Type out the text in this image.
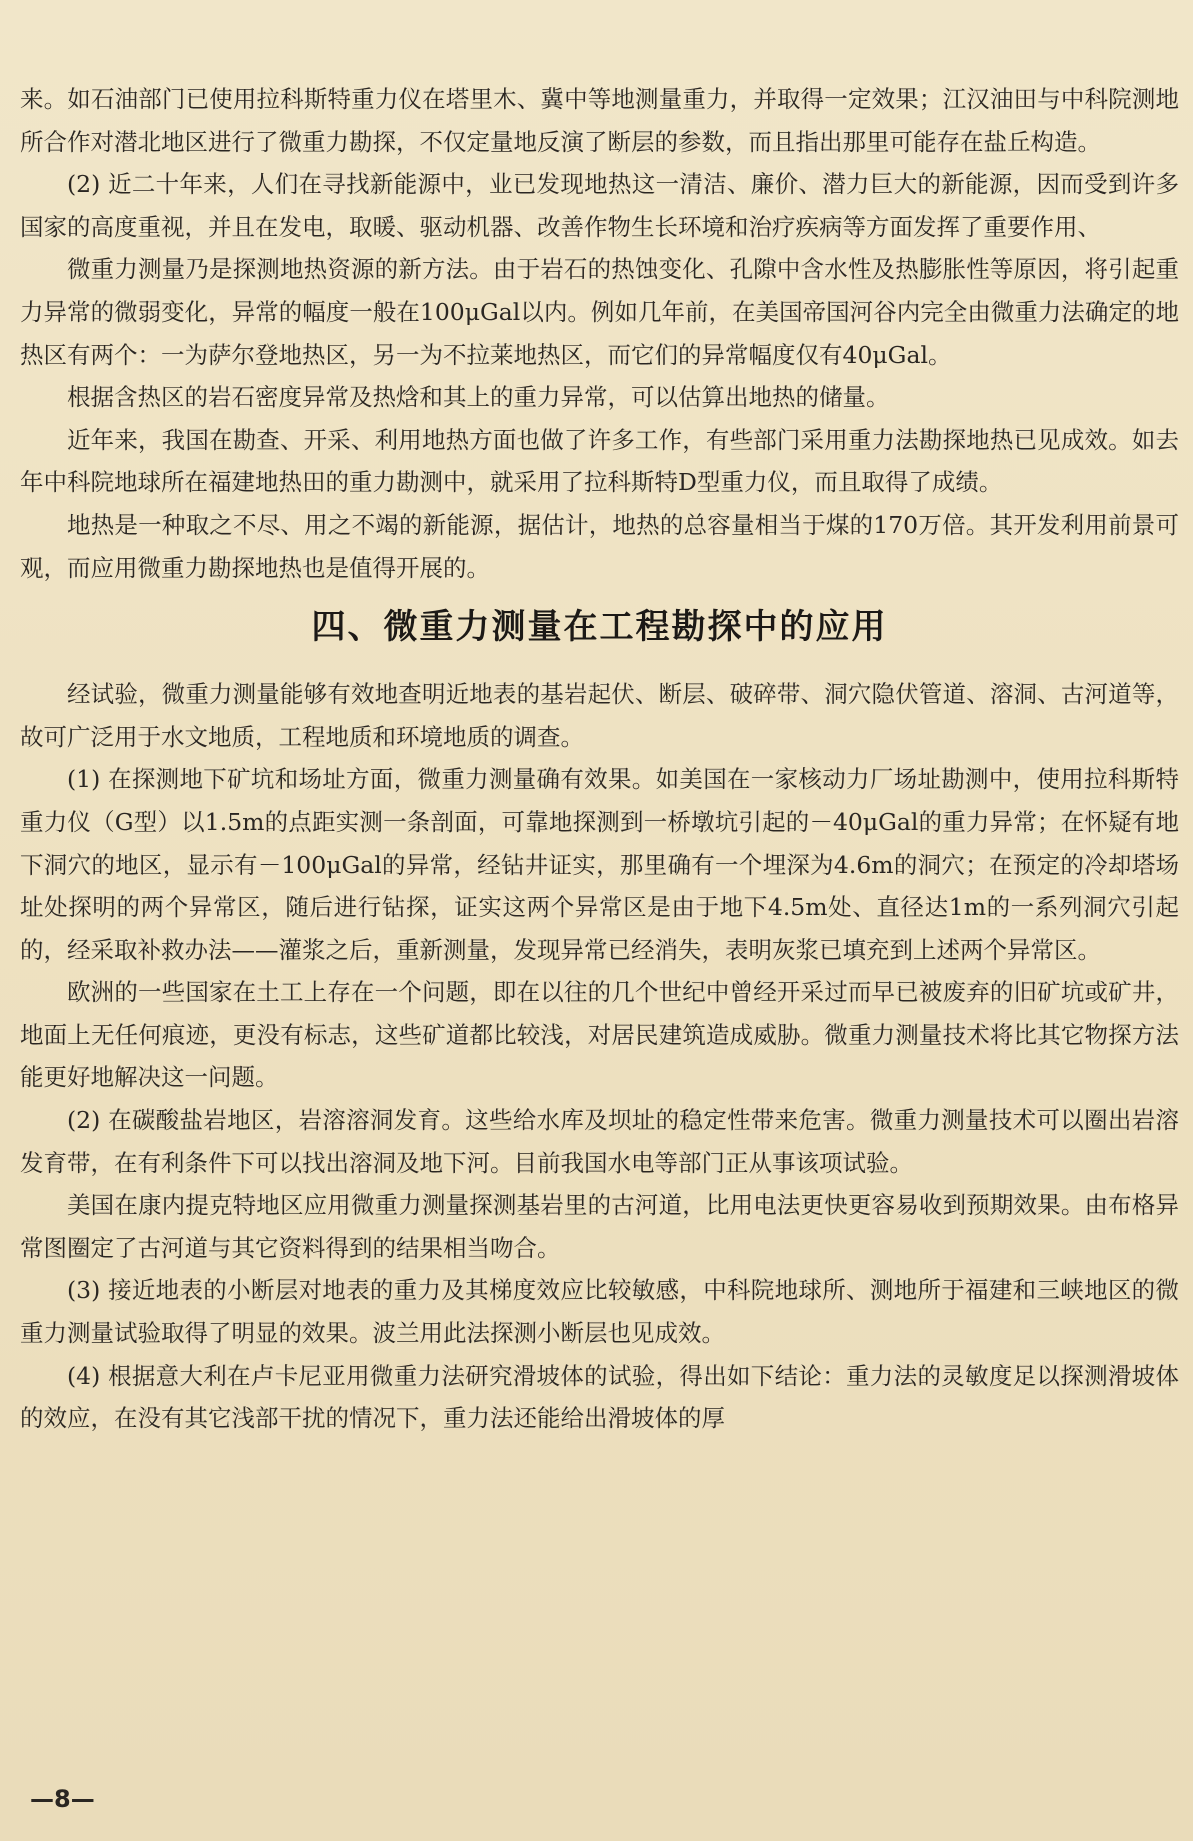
来。如石油部门已使用拉科斯特重力仪在塔里木、冀中等地测量重力，并取得一定效果；江汉油田与中科院测地所合作对潜北地区进行了微重力勘探，不仅定量地反演了断层的参数，而且指出那里可能存在盐丘构造。

(2) 近二十年来，人们在寻找新能源中，业已发现地热这一清洁、廉价、潜力巨大的新能源，因而受到许多国家的高度重视，并且在发电，取暖、驱动机器、改善作物生长环境和治疗疾病等方面发挥了重要作用、

微重力测量乃是探测地热资源的新方法。由于岩石的热蚀变化、孔隙中含水性及热膨胀性等原因，将引起重力异常的微弱变化，异常的幅度一般在100μGal以内。例如几年前，在美国帝国河谷内完全由微重力法确定的地热区有两个：一为萨尔登地热区，另一为不拉莱地热区，而它们的异常幅度仅有40μGal。

根据含热区的岩石密度异常及热焓和其上的重力异常，可以估算出地热的储量。

近年来，我国在勘查、开采、利用地热方面也做了许多工作，有些部门采用重力法勘探地热已见成效。如去年中科院地球所在福建地热田的重力勘测中，就采用了拉科斯特D型重力仪，而且取得了成绩。

地热是一种取之不尽、用之不竭的新能源，据估计，地热的总容量相当于煤的170万倍。其开发利用前景可观，而应用微重力勘探地热也是值得开展的。

四、微重力测量在工程勘探中的应用

经试验，微重力测量能够有效地查明近地表的基岩起伏、断层、破碎带、洞穴隐伏管道、溶洞、古河道等，故可广泛用于水文地质，工程地质和环境地质的调查。

(1) 在探测地下矿坑和场址方面，微重力测量确有效果。如美国在一家核动力厂场址勘测中，使用拉科斯特重力仪（G型）以1.5m的点距实测一条剖面，可靠地探测到一桥墩坑引起的－40μGal的重力异常；在怀疑有地下洞穴的地区，显示有－100μGal的异常，经钻井证实，那里确有一个埋深为4.6m的洞穴；在预定的冷却塔场址处探明的两个异常区，随后进行钻探，证实这两个异常区是由于地下4.5m处、直径达1m的一系列洞穴引起的，经采取补救办法——灌浆之后，重新测量，发现异常已经消失，表明灰浆已填充到上述两个异常区。

欧洲的一些国家在土工上存在一个问题，即在以往的几个世纪中曾经开采过而早已被废弃的旧矿坑或矿井，地面上无任何痕迹，更没有标志，这些矿道都比较浅，对居民建筑造成威胁。微重力测量技术将比其它物探方法能更好地解决这一问题。

(2) 在碳酸盐岩地区，岩溶溶洞发育。这些给水库及坝址的稳定性带来危害。微重力测量技术可以圈出岩溶发育带，在有利条件下可以找出溶洞及地下河。目前我国水电等部门正从事该项试验。

美国在康内提克特地区应用微重力测量探测基岩里的古河道，比用电法更快更容易收到预期效果。由布格异常图圈定了古河道与其它资料得到的结果相当吻合。

(3) 接近地表的小断层对地表的重力及其梯度效应比较敏感，中科院地球所、测地所于福建和三峡地区的微重力测量试验取得了明显的效果。波兰用此法探测小断层也见成效。

(4) 根据意大利在卢卡尼亚用微重力法研究滑坡体的试验，得出如下结论：重力法的灵敏度足以探测滑坡体的效应，在没有其它浅部干扰的情况下，重力法还能给出滑坡体的厚

—8—
